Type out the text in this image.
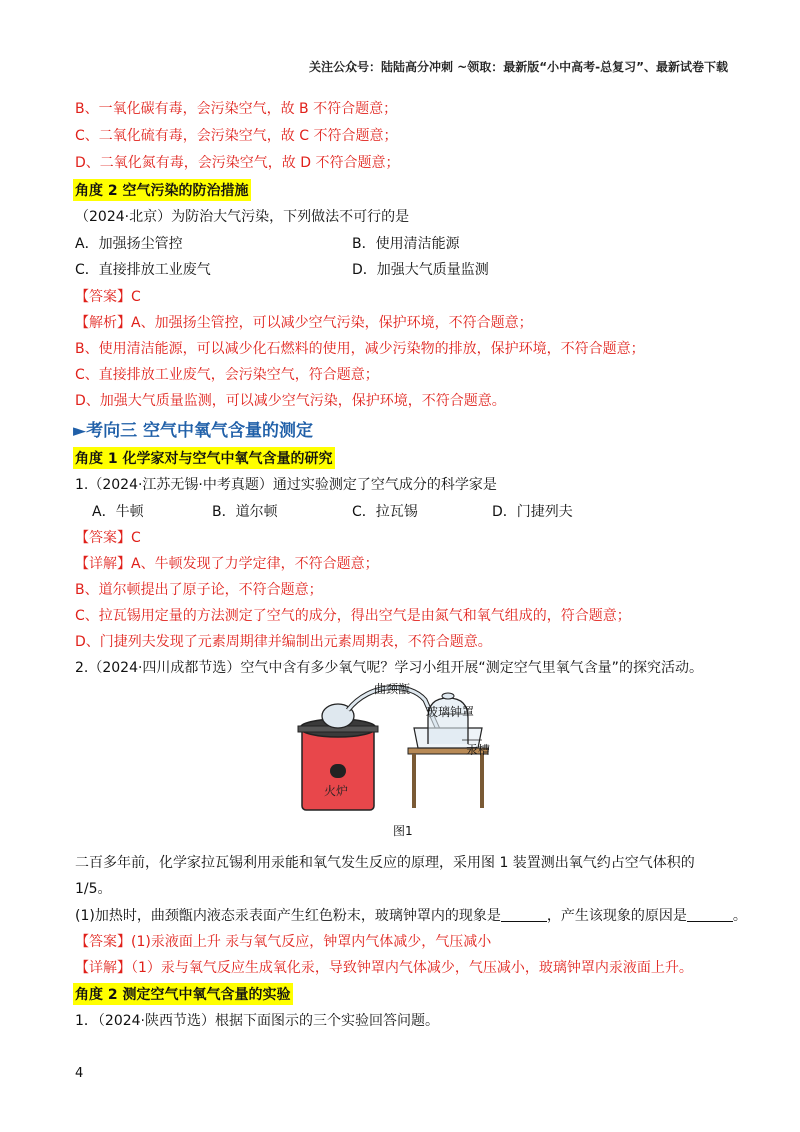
关注公众号：陆陆高分冲刺 ~领取：最新版“小中高考-总复习”、最新试卷下载
B、一氧化碳有毒，会污染空气，故 B 不符合题意；
C、二氧化硫有毒，会污染空气，故 C 不符合题意；
D、二氧化氮有毒，会污染空气，故 D 不符合题意；
角度 2 空气污染的防治措施
（2024·北京）为防治大气污染，下列做法不可行的是
A．加强扬尘管控	B．使用清洁能源
C．直接排放工业废气	D．加强大气质量监测
【答案】C
【解析】A、加强扬尘管控，可以减少空气污染，保护环境，不符合题意；
B、使用清洁能源，可以减少化石燃料的使用，减少污染物的排放，保护环境，不符合题意；
C、直接排放工业废气，会污染空气，符合题意；
D、加强大气质量监测，可以减少空气污染，保护环境，不符合题意。
►考向三 空气中氧气含量的测定
角度 1 化学家对与空气中氧气含量的研究
1.（2024·江苏无锡·中考真题）通过实验测定了空气成分的科学家是
A．牛顿	B．道尔顿	C．拉瓦锡	D．门捷列夫
【答案】C
【详解】A、牛顿发现了力学定律，不符合题意；
B、道尔顿提出了原子论，不符合题意；
C、拉瓦锡用定量的方法测定了空气的成分，得出空气是由氮气和氧气组成的，符合题意；
D、门捷列夫发现了元素周期律并编制出元素周期表，不符合题意。
2.（2024·四川成都节选）空气中含有多少氧气呢？学习小组开展“测定空气里氧气含量”的探究活动。
曲颈甑
玻璃钟罩
汞槽
火炉
图1
二百多年前，化学家拉瓦锡利用汞能和氧气发生反应的原理，采用图 1 装置测出氧气约占空气体积的
1/5。
(1)加热时，曲颈甑内液态汞表面产生红色粉末，玻璃钟罩内的现象是	，产生该现象的原因是	。
【答案】(1)汞液面上升 汞与氧气反应，钟罩内气体减少，气压减小
【详解】（1）汞与氧气反应生成氧化汞，导致钟罩内气体减少，气压减小，玻璃钟罩内汞液面上升。
角度 2 测定空气中氧气含量的实验
1．（2024·陕西节选）根据下面图示的三个实验回答问题。
4
